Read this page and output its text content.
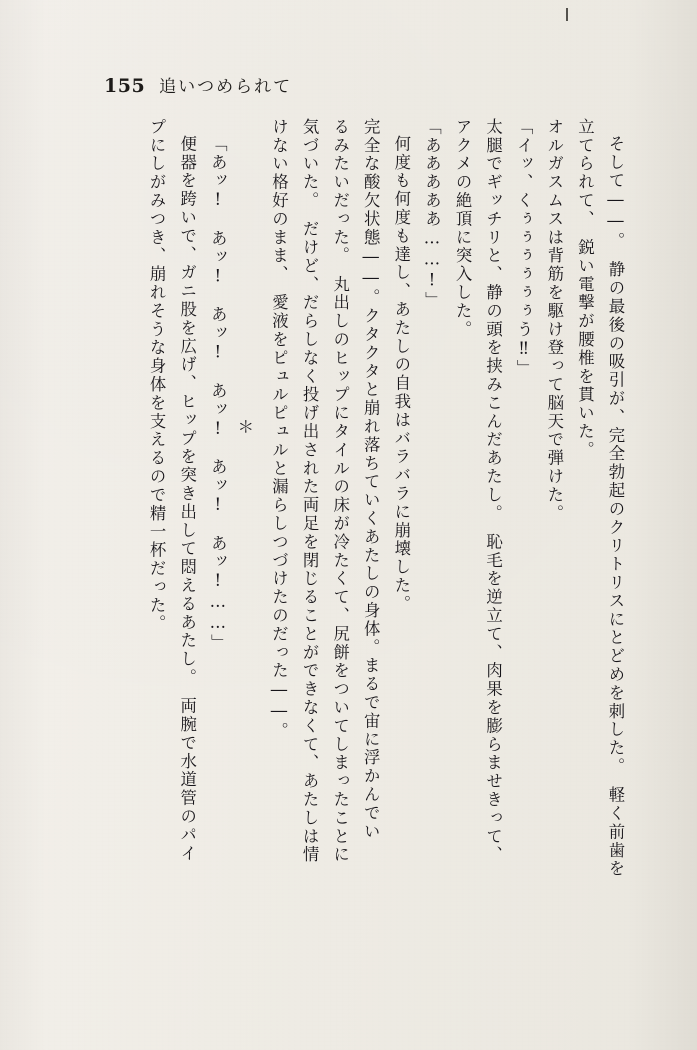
155 追いつめられて
そして――。　静の最後の吸引が、完全勃起のクリトリスにとどめを刺した。　軽く前歯を
立てられて、　鋭い電撃が腰椎を貫いた。
オルガスムスは背筋を駆け登って脳天で弾けた。
「イッ、くぅぅぅぅぅぅう‼」
太腿でギッチリと、静の頭を挟みこんだあたし。　恥毛を逆立て、肉果を膨らませきって、
アクメの絶頂に突入した。
「あああああ……!」
何度も何度も達し、あたしの自我はバラバラに崩壊した。
完全な酸欠状態――。クタクタと崩れ落ちていくあたしの身体。まるで宙に浮かんでい
るみたいだった。　丸出しのヒップにタイルの床が冷たくて、尻餅をついてしまったことに
気づいた。　だけど、だらしなく投げ出された両足を閉じることができなくて、あたしは情
けない格好のまま、　愛液をピュルピュルと漏らしつづけたのだった――。
＊
「あッ!　あッ!　あッ!　あッ!　あッ!　あッ!……」
便器を跨いで、ガニ股を広げ、ヒップを突き出して悶えるあたし。　両腕で水道管のパイ
プにしがみつき、崩れそうな身体を支えるので精一杯だった。
